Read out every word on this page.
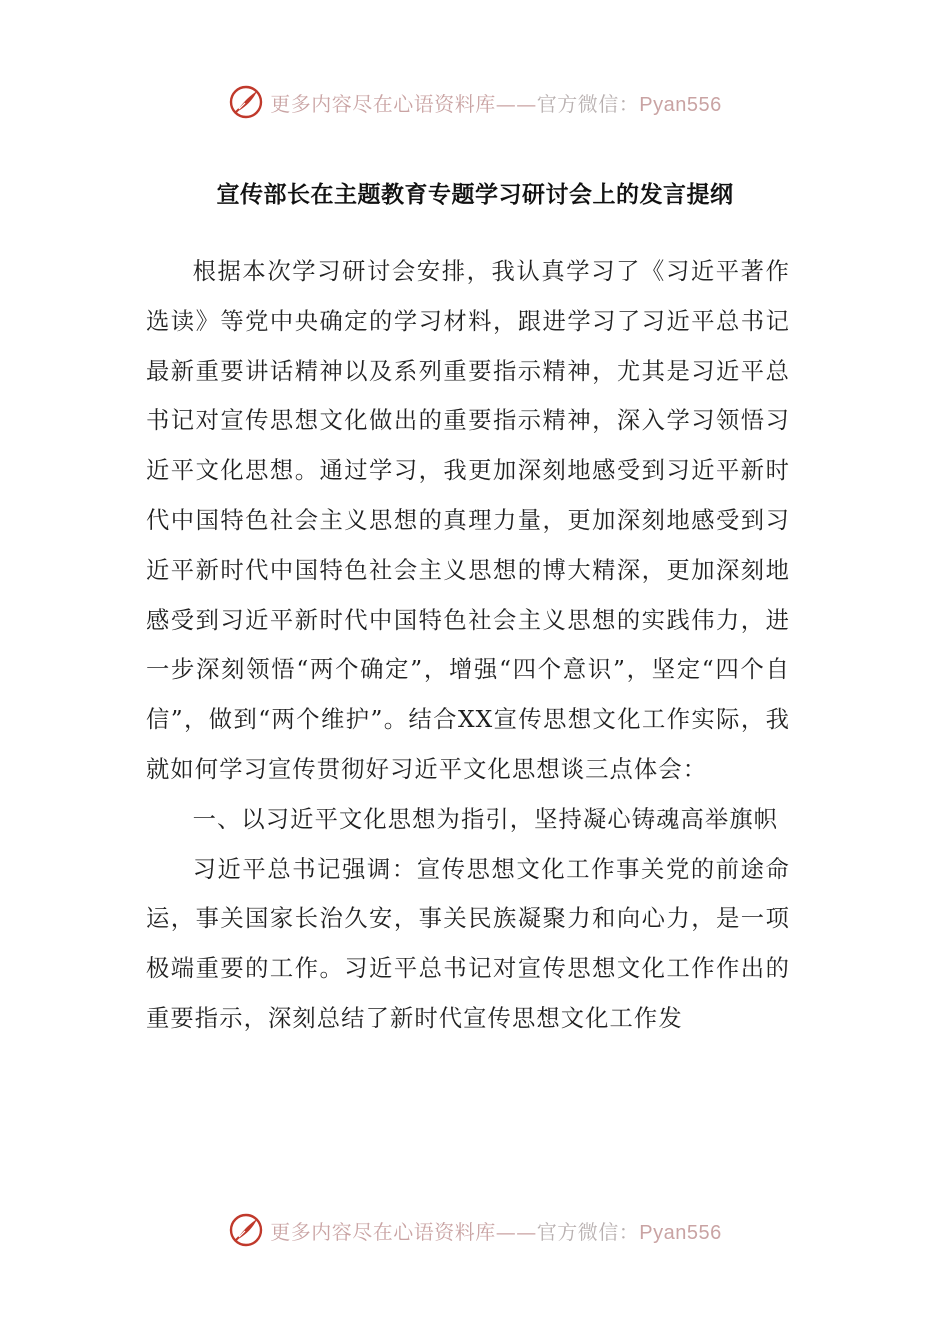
更多内容尽在心语资料库——官方微信：Pyan556
宣传部长在主题教育专题学习研讨会上的发言提纲

根据本次学习研讨会安排，我认真学习了《习近平著作选读》等党中央确定的学习材料，跟进学习了习近平总书记最新重要讲话精神以及系列重要指示精神，尤其是习近平总书记对宣传思想文化做出的重要指示精神，深入学习领悟习近平文化思想。通过学习，我更加深刻地感受到习近平新时代中国特色社会主义思想的真理力量，更加深刻地感受到习近平新时代中国特色社会主义思想的博大精深，更加深刻地感受到习近平新时代中国特色社会主义思想的实践伟力，进一步深刻领悟“两个确定”，增强“四个意识”，坚定“四个自信”，做到“两个维护”。结合XX宣传思想文化工作实际，我就如何学习宣传贯彻好习近平文化思想谈三点体会：

一、以习近平文化思想为指引，坚持凝心铸魂高举旗帜

习近平总书记强调：宣传思想文化工作事关党的前途命运，事关国家长治久安，事关民族凝聚力和向心力，是一项极端重要的工作。习近平总书记对宣传思想文化工作作出的重要指示，深刻总结了新时代宣传思想文化工作发

更多内容尽在心语资料库——官方微信：Pyan556
